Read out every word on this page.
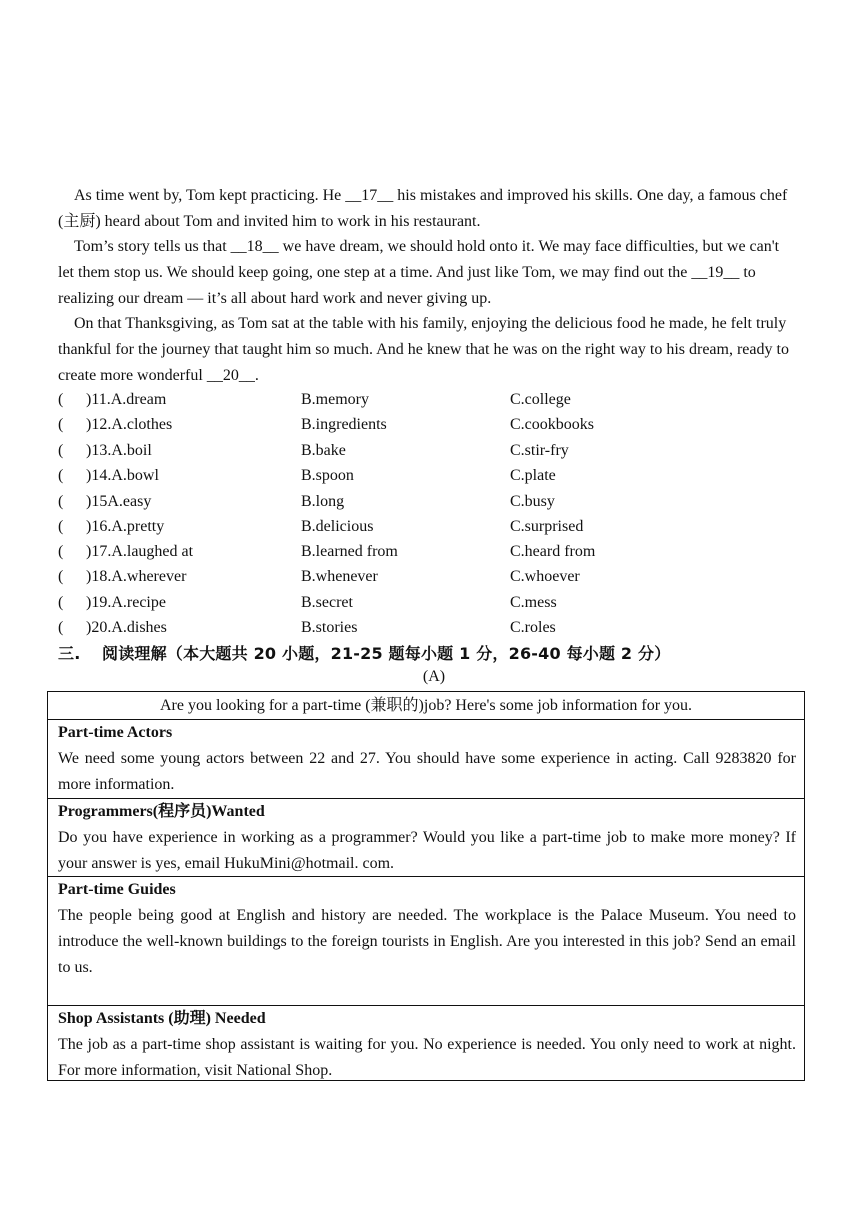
As time went by, Tom kept practicing. He __17__ his mistakes and improved his skills. One day, a famous chef (主厨) heard about Tom and invited him to work in his restaurant.

Tom’s story tells us that __18__ we have dream, we should hold onto it. We may face difficulties, but we can't let them stop us. We should keep going, one step at a time. And just like Tom, we may find out the __19__ to realizing our dream — it’s all about hard work and never giving up.

On that Thanksgiving, as Tom sat at the table with his family, enjoying the delicious food he made, he felt truly thankful for the journey that taught him so much. And he knew that he was on the right way to his dream, ready to create more wonderful __20__.

( )11.A.dream	B.memory	C.college
( )12.A.clothes	B.ingredients	C.cookbooks
( )13.A.boil	B.bake	C.stir-fry
( )14.A.bowl	B.spoon	C.plate
( )15A.easy	B.long	C.busy
( )16.A.pretty	B.delicious	C.surprised
( )17.A.laughed at	B.learned from	C.heard from
( )18.A.wherever	B.whenever	C.whoever
( )19.A.recipe	B.secret	C.mess
( )20.A.dishes	B.stories	C.roles
三. 阅读理解（本大题共 20 小题，21-25 题每小题 1 分，26-40 每小题 2 分）
(A)
Are you looking for a part-time (兼职的)job? Here's some job information for you.
Part-time Actors
We need some young actors between 22 and 27. You should have some experience in acting. Call 9283820 for more information.
Programmers(程序员)Wanted
Do you have experience in working as a programmer? Would you like a part-time job to make more money? If your answer is yes, email HukuMini@hotmail. com.
Part-time Guides
The people being good at English and history are needed. The workplace is the Palace Museum. You need to introduce the well-known buildings to the foreign tourists in English. Are you interested in this job? Send an email to us.
Shop Assistants (助理) Needed
The job as a part-time shop assistant is waiting for you. No experience is needed. You only need to work at night. For more information, visit National Shop.
